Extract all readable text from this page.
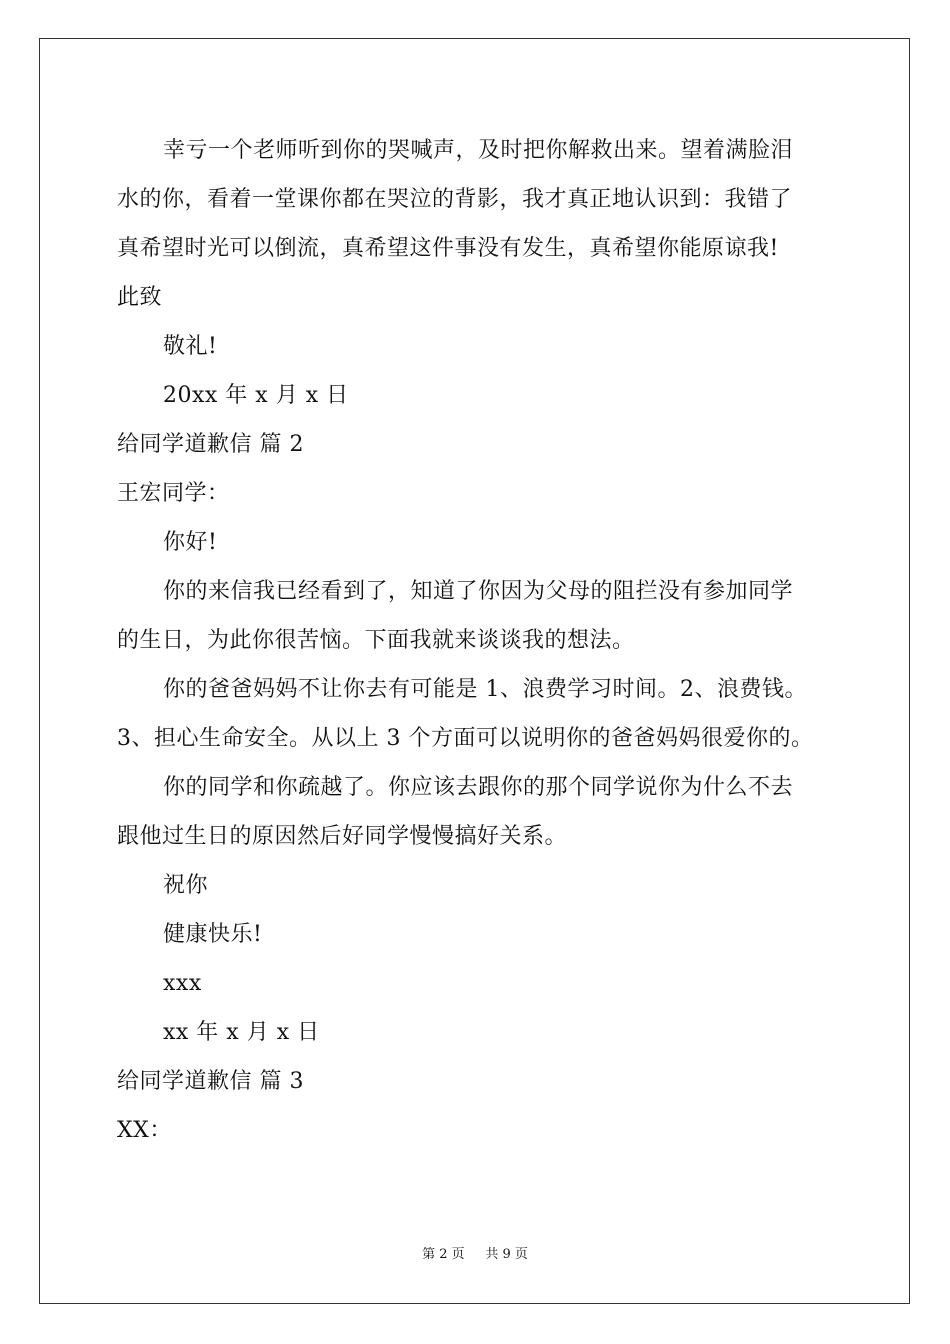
幸亏一个老师听到你的哭喊声，及时把你解救出来。望着满脸泪
水的你，看着一堂课你都在哭泣的背影，我才真正地认识到：我错了
真希望时光可以倒流，真希望这件事没有发生，真希望你能原谅我!
此致
敬礼!
20xx 年 x 月 x 日
给同学道歉信 篇 2
王宏同学：
你好!
你的来信我已经看到了，知道了你因为父母的阻拦没有参加同学
的生日，为此你很苦恼。下面我就来谈谈我的想法。
你的爸爸妈妈不让你去有可能是 1、浪费学习时间。2、浪费钱。
3、担心生命安全。从以上 3 个方面可以说明你的爸爸妈妈很爱你的。
你的同学和你疏越了。你应该去跟你的那个同学说你为什么不去
跟他过生日的原因然后好同学慢慢搞好关系。
祝你
健康快乐!
xxx
xx 年 x 月 x 日
给同学道歉信 篇 3
XX：
第 2 页 共 9 页
